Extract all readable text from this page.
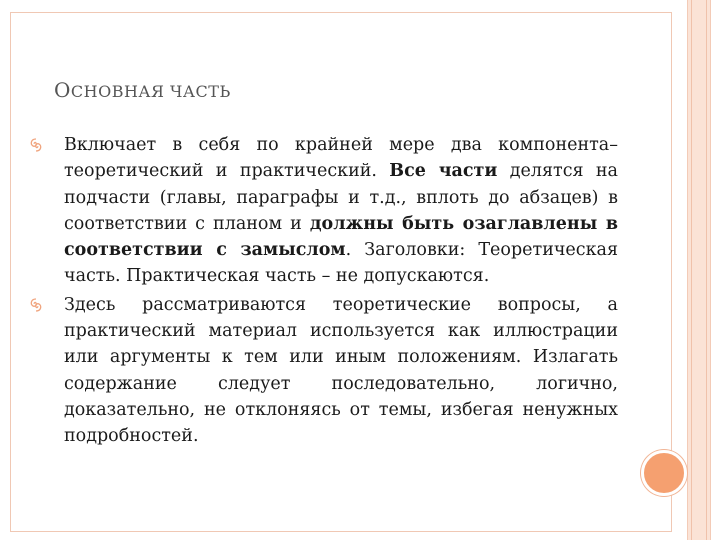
ОСНОВНАЯ ЧАСТЬ
Включает в себя по крайней мере два компонента– теоретический и практический. Все части делятся на подчасти (главы, параграфы и т.д., вплоть до абзацев) в соответствии с планом и должны быть озаглавлены в соответствии с замыслом. Заголовки: Теоретическая часть. Практическая часть – не допускаются.
Здесь рассматриваются теоретические вопросы, а практический материал используется как иллюстрации или аргументы к тем или иным положениям. Излагать содержание следует последовательно, логично, доказательно, не отклоняясь от темы, избегая ненужных подробностей.
